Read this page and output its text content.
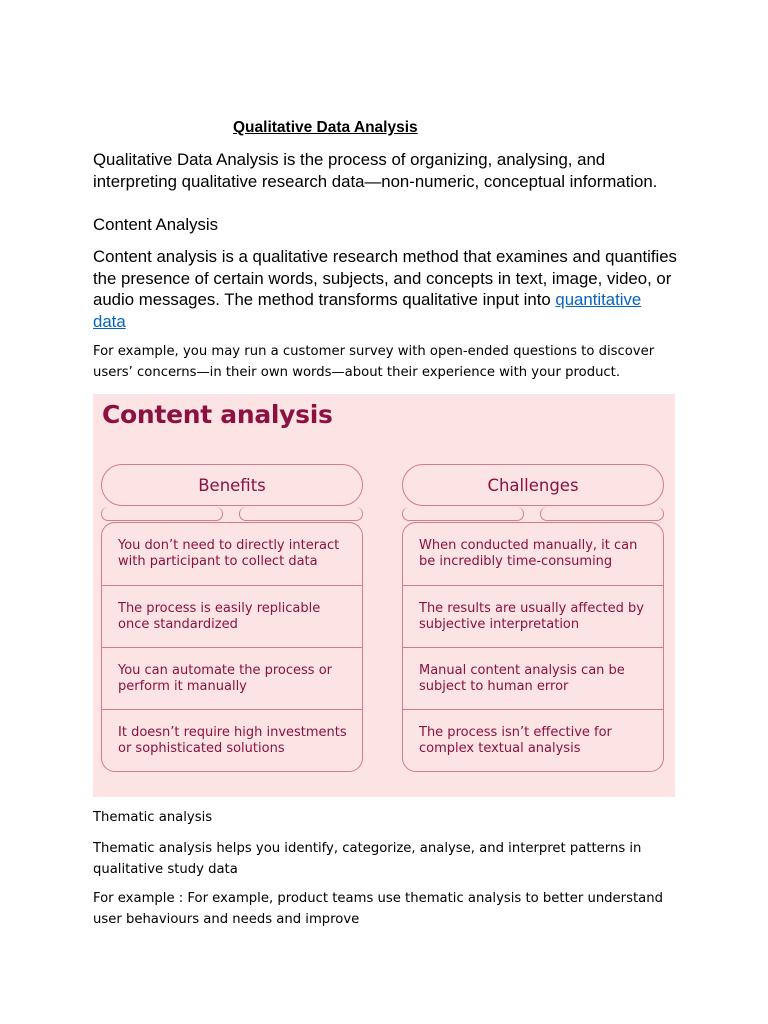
Qualitative Data Analysis
Qualitative Data Analysis is the process of organizing, analysing, and interpreting qualitative research data—non-numeric, conceptual information.
Content Analysis
Content analysis is a qualitative research method that examines and quantifies the presence of certain words, subjects, and concepts in text, image, video, or audio messages. The method transforms qualitative input into quantitative data
For example, you may run a customer survey with open-ended questions to discover users’ concerns—in their own words—about their experience with your product.
Content analysis
Benefits
You don’t need to directly interact with participant to collect data
The process is easily replicable once standardized
You can automate the process or perform it manually
It doesn’t require high investments or sophisticated solutions
Challenges
When conducted manually, it can be incredibly time-consuming
The results are usually affected by subjective interpretation
Manual content analysis can be subject to human error
The process isn’t effective for complex textual analysis
Thematic analysis
Thematic analysis helps you identify, categorize, analyse, and interpret patterns in qualitative study data
For example : For example, product teams use thematic analysis to better understand user behaviours and needs and improve
